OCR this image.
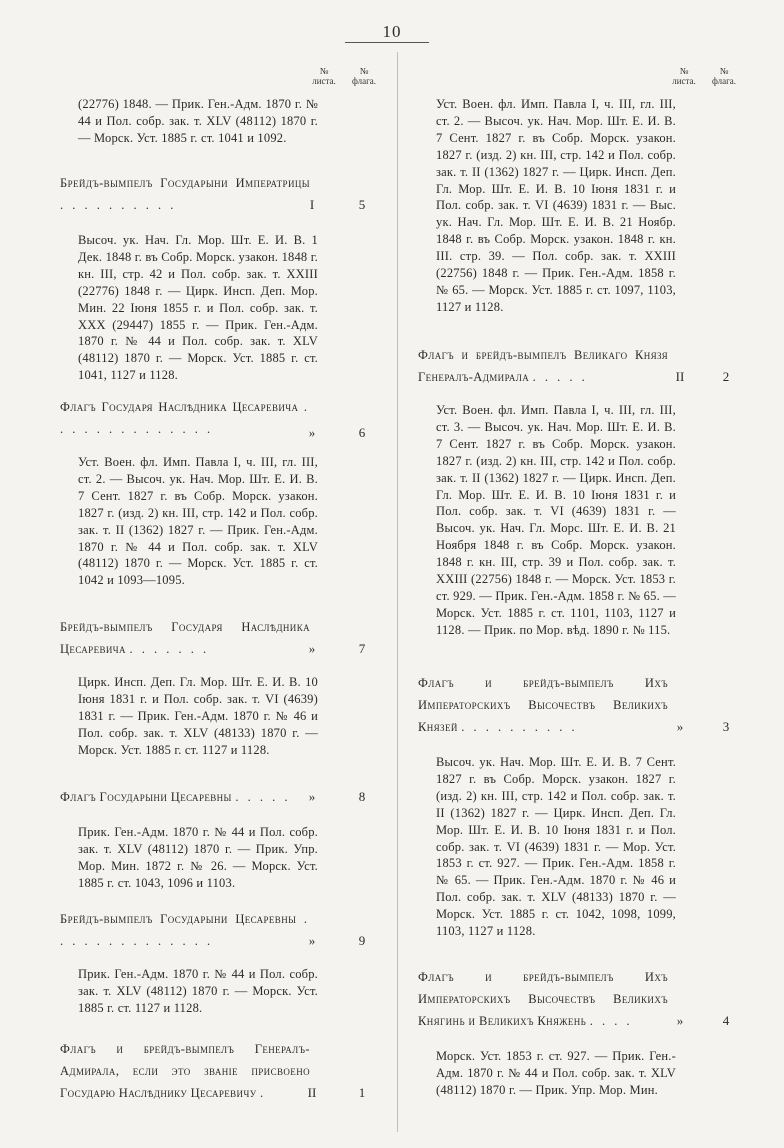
10
№
листа.
№
флага.
(22776) 1848. — Прик. Ген.-Адм. 1870 г. № 44 и Пол. собр. зак. т. XLV (48112) 1870 г. — Морск. Уст. 1885 г. ст. 1041 и 1092.
Брейдъ-вымпелъ Государыни Императрицы . . . . . . . . . .	I	5
Высоч. ук. Нач. Гл. Мор. Шт. Е. И. В. 1 Дек. 1848 г. въ Собр. Морск. узакон. 1848 г. кн. III, стр. 42 и Пол. собр. зак. т. XXIII (22776) 1848 г. — Цирк. Инсп. Деп. Мор. Мин. 22 Іюня 1855 г. и Пол. собр. зак. т. XXX (29447) 1855 г. — Прик. Ген.-Адм. 1870 г. № 44 и Пол. собр. зак. т. XLV (48112) 1870 г. — Морск. Уст. 1885 г. ст. 1041, 1127 и 1128.
Флагъ Государя Наслѣдника Цесаревича . . . . . . . . . . . . . .	»	6
Уст. Воен. фл. Имп. Павла I, ч. III, гл. III, ст. 2. — Высоч. ук. Нач. Мор. Шт. Е. И. В. 7 Сент. 1827 г. въ Собр. Морск. узакон. 1827 г. (изд. 2) кн. III, стр. 142 и Пол. собр. зак. т. II (1362) 1827 г. — Прик. Ген.-Адм. 1870 г. № 44 и Пол. собр. зак. т. XLV (48112) 1870 г. — Морск. Уст. 1885 г. ст. 1042 и 1093—1095.
Брейдъ-вымпелъ Государя Наслѣдника Цесаревича . . . . . . .	»	7
Цирк. Инсп. Деп. Гл. Мор. Шт. Е. И. В. 10 Іюня 1831 г. и Пол. собр. зак. т. VI (4639) 1831 г. — Прик. Ген.-Адм. 1870 г. № 46 и Пол. собр. зак. т. XLV (48133) 1870 г. — Морск. Уст. 1885 г. ст. 1127 и 1128.
Флагъ Государыни Цесаревны . . . . .	»	8
Прик. Ген.-Адм. 1870 г. № 44 и Пол. собр. зак. т. XLV (48112) 1870 г. — Прик. Упр. Мор. Мин. 1872 г. № 26. — Морск. Уст. 1885 г. ст. 1043, 1096 и 1103.
Брейдъ-вымпелъ Государыни Цесаревны . . . . . . . . . . . . . .	»	9
Прик. Ген.-Адм. 1870 г. № 44 и Пол. собр. зак. т. XLV (48112) 1870 г. — Морск. Уст. 1885 г. ст. 1127 и 1128.
Флагъ и брейдъ-вымпелъ Генералъ-Адмирала, если это званіе присвоено Государю Наслѣднику Цесаревичу .	II	1
№
листа.
№
флага.
Уст. Воен. фл. Имп. Павла I, ч. III, гл. III, ст. 2. — Высоч. ук. Нач. Мор. Шт. Е. И. В. 7 Сент. 1827 г. въ Собр. Морск. узакон. 1827 г. (изд. 2) кн. III, стр. 142 и Пол. собр. зак. т. II (1362) 1827 г. — Цирк. Инсп. Деп. Гл. Мор. Шт. Е. И. В. 10 Іюня 1831 г. и Пол. собр. зак. т. VI (4639) 1831 г. — Выс. ук. Нач. Гл. Мор. Шт. Е. И. В. 21 Ноябр. 1848 г. въ Собр. Морск. узакон. 1848 г. кн. III. стр. 39. — Пол. собр. зак. т. XXIII (22756) 1848 г. — Прик. Ген.-Адм. 1858 г. № 65. — Морск. Уст. 1885 г. ст. 1097, 1103, 1127 и 1128.
Флагъ и брейдъ-вымпелъ Великаго Князя Генералъ-Адмирала . . . . .	II	2
Уст. Воен. фл. Имп. Павла I, ч. III, гл. III, ст. 3. — Высоч. ук. Нач. Мор. Шт. Е. И. В. 7 Сент. 1827 г. въ Собр. Морск. узакон. 1827 г. (изд. 2) кн. III, стр. 142 и Пол. собр. зак. т. II (1362) 1827 г. — Цирк. Инсп. Деп. Гл. Мор. Шт. Е. И. В. 10 Іюня 1831 г. и Пол. собр. зак. т. VI (4639) 1831 г. — Высоч. ук. Нач. Гл. Морс. Шт. Е. И. В. 21 Ноября 1848 г. въ Собр. Морск. узакон. 1848 г. кн. III, стр. 39 и Пол. собр. зак. т. XXIII (22756) 1848 г. — Морск. Уст. 1853 г. ст. 929. — Прик. Ген.-Адм. 1858 г. № 65. — Морск. Уст. 1885 г. ст. 1101, 1103, 1127 и 1128. — Прик. по Мор. вѣд. 1890 г. № 115.
Флагъ и брейдъ-вымпелъ Ихъ Императорскихъ Высочествъ Великихъ Князей . . . . . . . . . .	»	3
Высоч. ук. Нач. Мор. Шт. Е. И. В. 7 Сент. 1827 г. въ Собр. Морск. узакон. 1827 г. (изд. 2) кн. III, стр. 142 и Пол. собр. зак. т. II (1362) 1827 г. — Цирк. Инсп. Деп. Гл. Мор. Шт. Е. И. В. 10 Іюня 1831 г. и Пол. собр. зак. т. VI (4639) 1831 г. — Мор. Уст. 1853 г. ст. 927. — Прик. Ген.-Адм. 1858 г. № 65. — Прик. Ген.-Адм. 1870 г. № 46 и Пол. собр. зак. т. XLV (48133) 1870 г. — Морск. Уст. 1885 г. ст. 1042, 1098, 1099, 1103, 1127 и 1128.
Флагъ и брейдъ-вымпелъ Ихъ Императорскихъ Высочествъ Великихъ Княгинь и Великихъ Княжень . . . .	»	4
Морск. Уст. 1853 г. ст. 927. — Прик. Ген.-Адм. 1870 г. № 44 и Пол. собр. зак. т. XLV (48112) 1870 г. — Прик. Упр. Мор. Мин.
